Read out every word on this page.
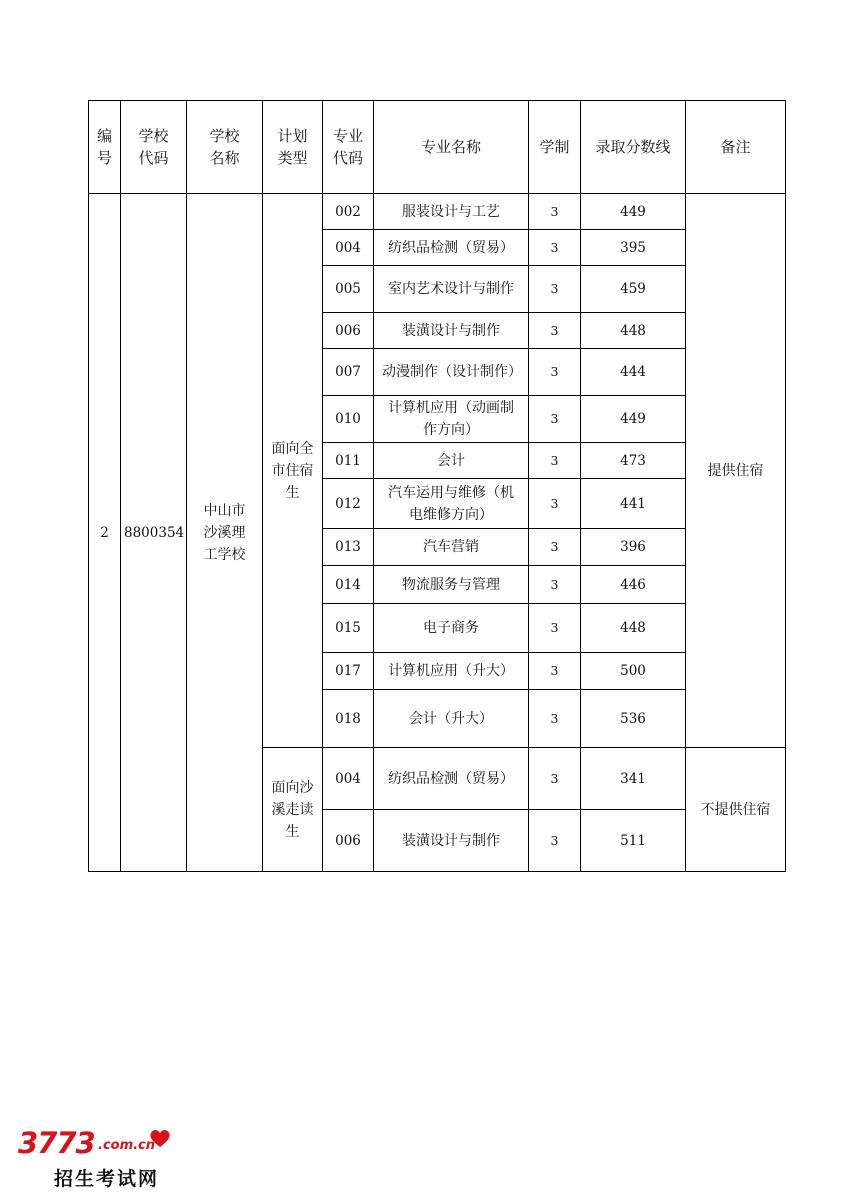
编号	学校代码	学校名称	计划类型	专业代码	专业名称	学制	录取分数线	备注
2	8800354	中山市沙溪理工学校	面向全市住宿生	002	服装设计与工艺	3	449	提供住宿
				004	纺织品检测（贸易）	3	395	
				005	室内艺术设计与制作	3	459	
				006	装潢设计与制作	3	448	
				007	动漫制作（设计制作）	3	444	
				010	计算机应用（动画制作方向）	3	449	
				011	会计	3	473	
				012	汽车运用与维修（机电维修方向）	3	441	
				013	汽车营销	3	396	
				014	物流服务与管理	3	446	
				015	电子商务	3	448	
				017	计算机应用（升大）	3	500	
				018	会计（升大）	3	536	
			面向沙溪走读生	004	纺织品检测（贸易）	3	341	不提供住宿
				006	装潢设计与制作	3	511	
3773 .com.cn
招生考试网
